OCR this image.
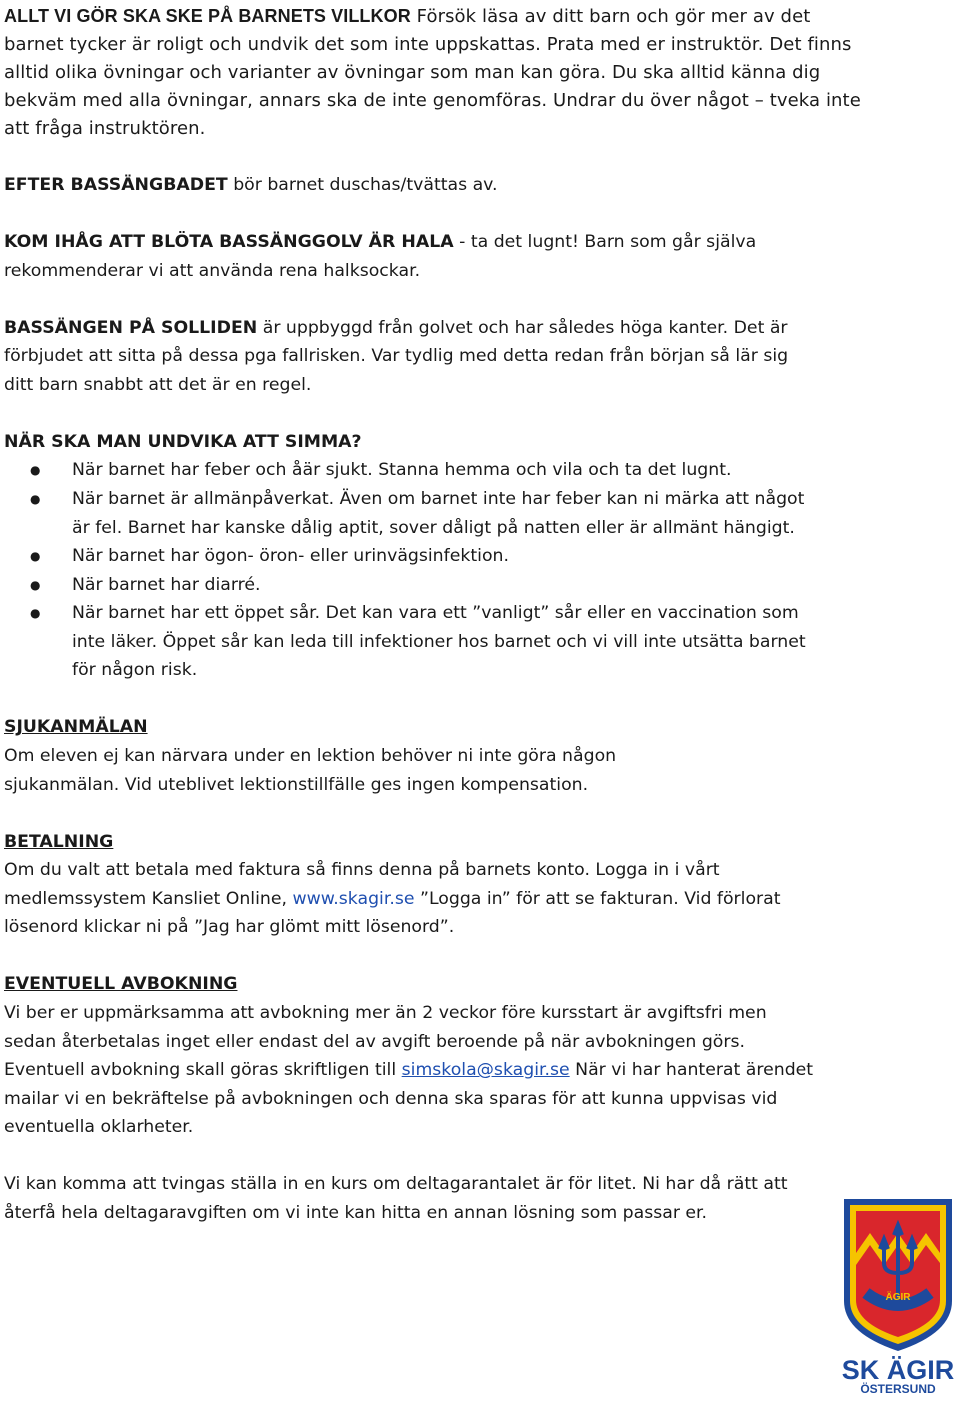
ALLT VI GÖR SKA SKE PÅ BARNETS VILLKOR Försök läsa av ditt barn och gör mer av det

barnet tycker är roligt och undvik det som inte uppskattas. Prata med er instruktör. Det finns

alltid olika övningar och varianter av övningar som man kan göra. Du ska alltid känna dig

bekväm med alla övningar, annars ska de inte genomföras. Undrar du över något – tveka inte

att fråga instruktören.

EFTER BASSÄNGBADET bör barnet duschas/tvättas av.

KOM IHÅG ATT BLÖTA BASSÄNGGOLV ÄR HALA - ta det lugnt! Barn som går själva

rekommenderar vi att använda rena halksockar.

BASSÄNGEN PÅ SOLLIDEN är uppbyggd från golvet och har således höga kanter. Det är

förbjudet att sitta på dessa pga fallrisken. Var tydlig med detta redan från början så lär sig

ditt barn snabbt att det är en regel.

NÄR SKA MAN UNDVIKA ATT SIMMA?

● När barnet har feber och åär sjukt. Stanna hemma och vila och ta det lugnt.

● När barnet är allmänpåverkat. Även om barnet inte har feber kan ni märka att något

är fel. Barnet har kanske dålig aptit, sover dåligt på natten eller är allmänt hängigt.

● När barnet har ögon- öron- eller urinvägsinfektion.

● När barnet har diarré.

● När barnet har ett öppet sår. Det kan vara ett ”vanligt” sår eller en vaccination som

inte läker. Öppet sår kan leda till infektioner hos barnet och vi vill inte utsätta barnet

för någon risk.

SJUKANMÄLAN

Om eleven ej kan närvara under en lektion behöver ni inte göra någon

sjukanmälan. Vid uteblivet lektionstillfälle ges ingen kompensation.

BETALNING

Om du valt att betala med faktura så finns denna på barnets konto. Logga in i vårt

medlemssystem Kansliet Online, www.skagir.se ”Logga in” för att se fakturan. Vid förlorat

lösenord klickar ni på ”Jag har glömt mitt lösenord”.

EVENTUELL AVBOKNING

Vi ber er uppmärksamma att avbokning mer än 2 veckor före kursstart är avgiftsfri men

sedan återbetalas inget eller endast del av avgift beroende på när avbokningen görs.

Eventuell avbokning skall göras skriftligen till simskola@skagir.se När vi har hanterat ärendet

mailar vi en bekräftelse på avbokningen och denna ska sparas för att kunna uppvisas vid

eventuella oklarheter.

Vi kan komma att tvingas ställa in en kurs om deltagarantalet är för litet. Ni har då rätt att

återfå hela deltagaravgiften om vi inte kan hitta en annan lösning som passar er.

ÄGIR
SK ÄGIR
ÖSTERSUND
